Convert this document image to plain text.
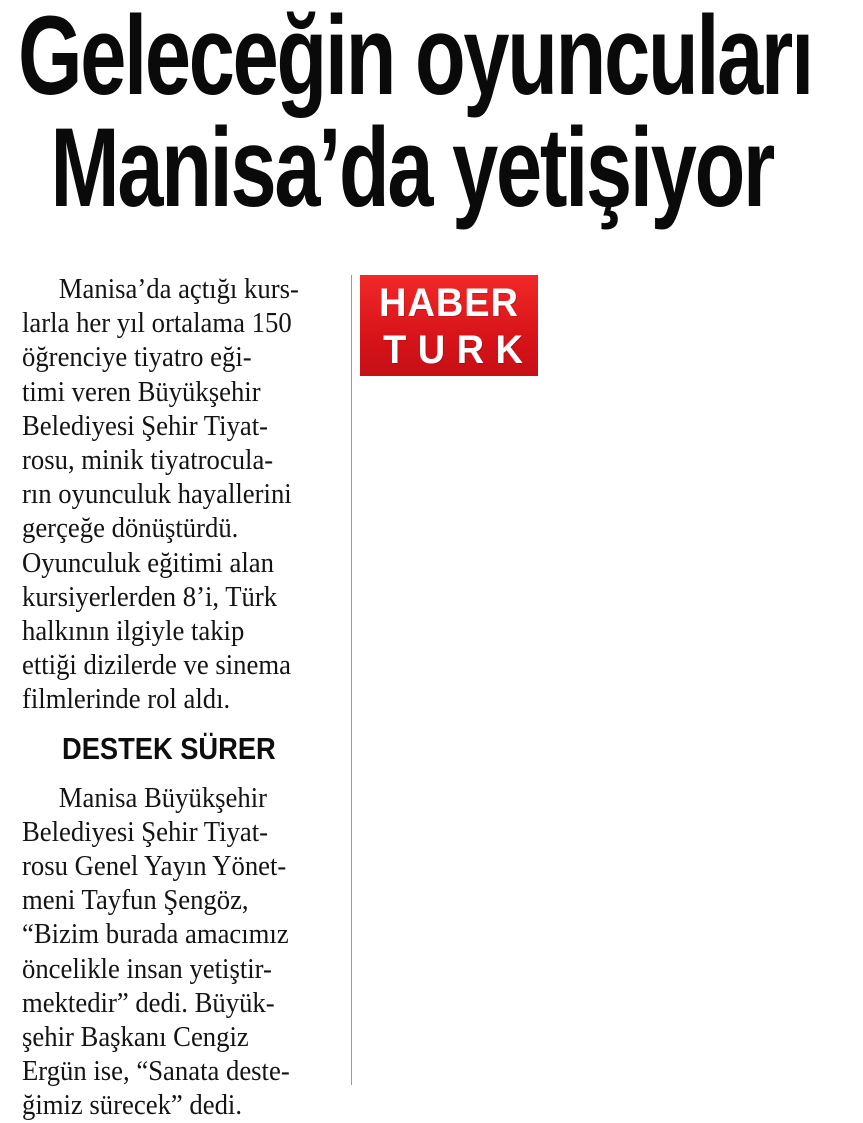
Geleceğin oyuncuları
Manisa’da yetişiyor
Manisa’da açtığı kurs-
larla her yıl ortalama 150
öğrenciye tiyatro eği-
timi veren Büyükşehir
Belediyesi Şehir Tiyat-
rosu, minik tiyatrocula-
rın oyunculuk hayallerini
gerçeğe dönüştürdü.
Oyunculuk eğitimi alan
kursiyerlerden 8’i, Türk
halkının ilgiyle takip
ettiği dizilerde ve sinema
filmlerinde rol aldı.
DESTEK SÜRER
Manisa Büyükşehir
Belediyesi Şehir Tiyat-
rosu Genel Yayın Yönet-
meni Tayfun Şengöz,
“Bizim burada amacımız
öncelikle insan yetiştir-
mektedir” dedi. Büyük-
şehir Başkanı Cengiz
Ergün ise, “Sanata deste-
ğimiz sürecek” dedi.
HABER
TURK
